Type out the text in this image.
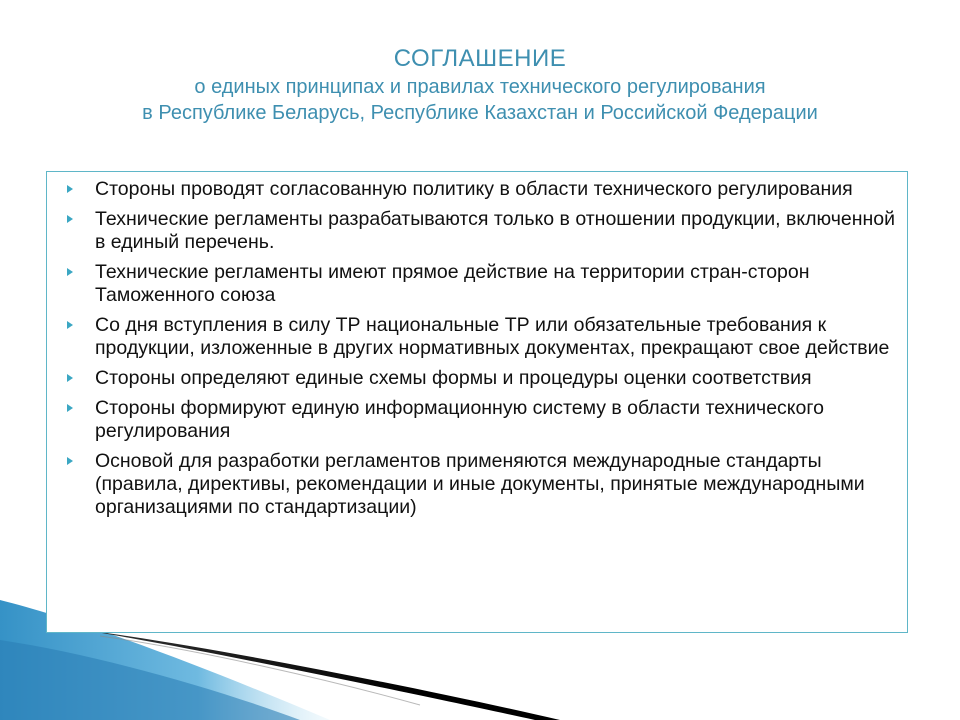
СОГЛАШЕНИЕ
о единых принципах и правилах технического регулирования
в Республике Беларусь, Республике Казахстан и Российской Федерации
Стороны проводят согласованную политику в области технического регулирования
Технические регламенты разрабатываются только в отношении продукции, включенной в единый перечень.
Технические регламенты имеют прямое действие на территории стран-сторон Таможенного союза
Со дня вступления в силу ТР национальные ТР или обязательные требования к продукции, изложенные в других нормативных документах, прекращают свое действие
Стороны определяют единые схемы формы и процедуры оценки соответствия
Стороны формируют единую информационную систему в области технического регулирования
Основой для разработки регламентов применяются международные стандарты (правила, директивы, рекомендации и иные документы, принятые международными организациями по стандартизации)
